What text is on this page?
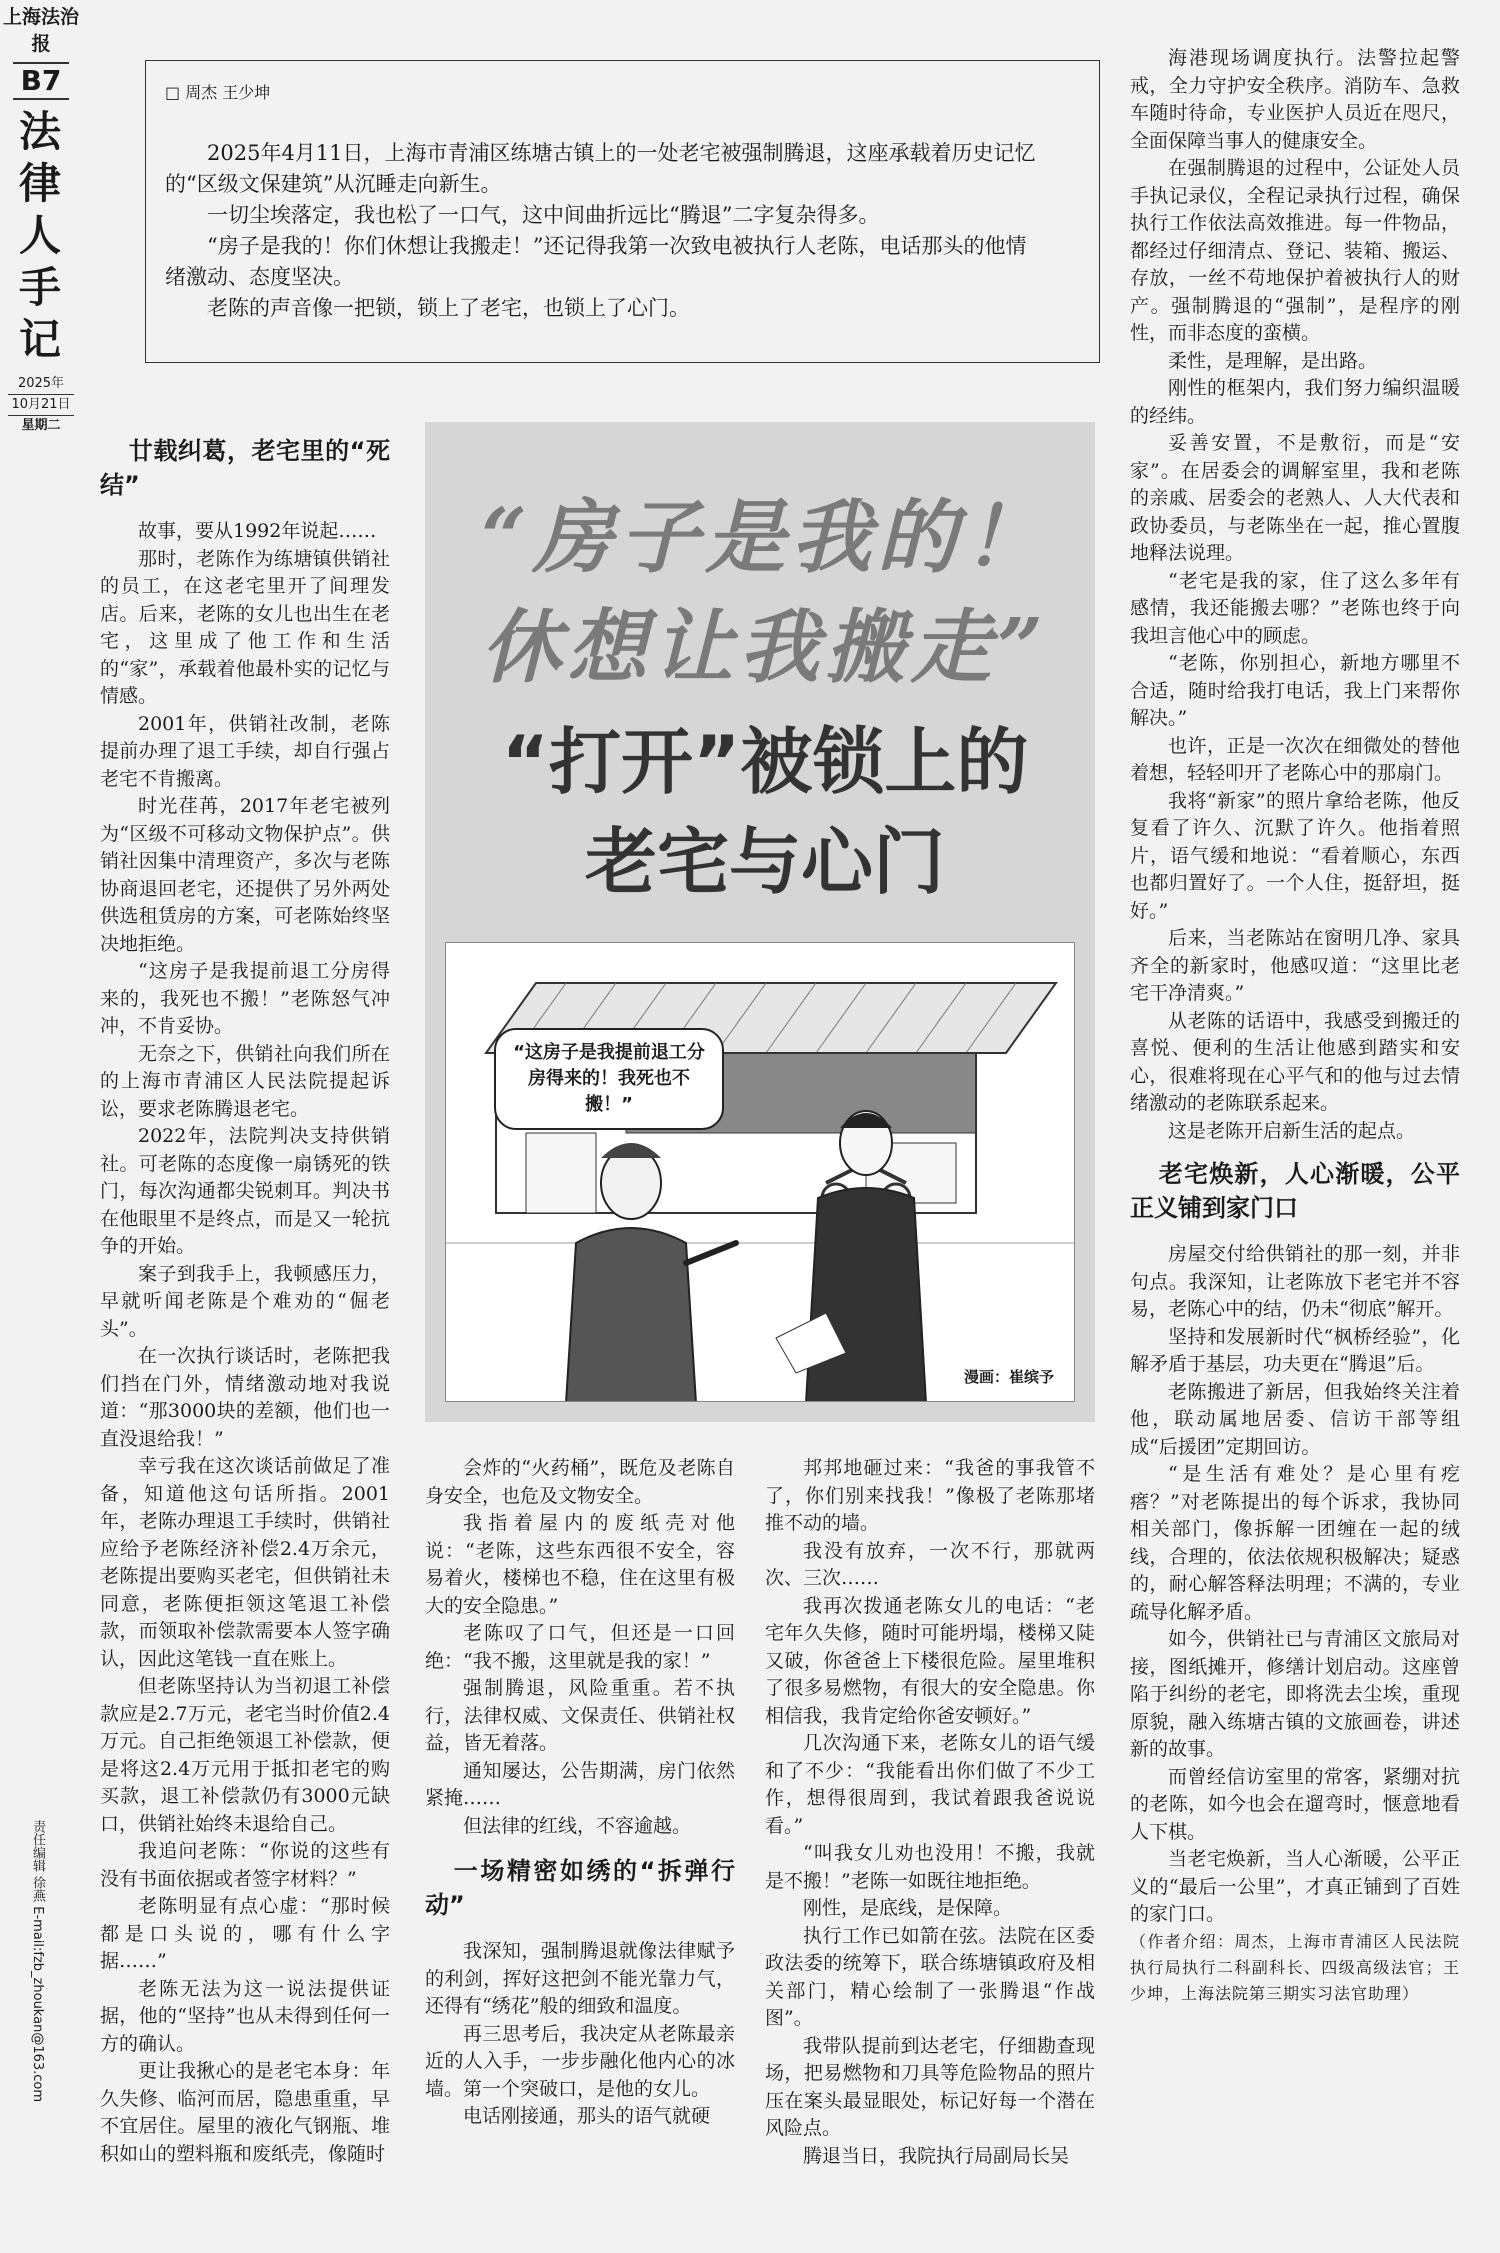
上海法治报
B7
法律人手记
2025年
10月21日
星期二
责任编辑 徐燕 E-mail:fzb_zhoukan@163.com
□ 周杰 王少坤

2025年4月11日，上海市青浦区练塘古镇上的一处老宅被强制腾退，这座承载着历史记忆的“区级文保建筑”从沉睡走向新生。

一切尘埃落定，我也松了一口气，这中间曲折远比“腾退”二字复杂得多。

“房子是我的！你们休想让我搬走！”还记得我第一次致电被执行人老陈，电话那头的他情绪激动、态度坚决。

老陈的声音像一把锁，锁上了老宅，也锁上了心门。

廿载纠葛，老宅里的“死结”

故事，要从1992年说起……

那时，老陈作为练塘镇供销社的员工，在这老宅里开了间理发店。后来，老陈的女儿也出生在老宅，这里成了他工作和生活的“家”，承载着他最朴实的记忆与情感。

2001年，供销社改制，老陈提前办理了退工手续，却自行强占老宅不肯搬离。

时光荏苒，2017年老宅被列为“区级不可移动文物保护点”。供销社因集中清理资产，多次与老陈协商退回老宅，还提供了另外两处供选租赁房的方案，可老陈始终坚决地拒绝。

“这房子是我提前退工分房得来的，我死也不搬！”老陈怒气冲冲，不肯妥协。

无奈之下，供销社向我们所在的上海市青浦区人民法院提起诉讼，要求老陈腾退老宅。

2022年，法院判决支持供销社。可老陈的态度像一扇锈死的铁门，每次沟通都尖锐刺耳。判决书在他眼里不是终点，而是又一轮抗争的开始。

案子到我手上，我顿感压力，早就听闻老陈是个难劝的“倔老头”。

在一次执行谈话时，老陈把我们挡在门外，情绪激动地对我说道：“那3000块的差额，他们也一直没退给我！”

幸亏我在这次谈话前做足了准备，知道他这句话所指。2001年，老陈办理退工手续时，供销社应给予老陈经济补偿2.4万余元，老陈提出要购买老宅，但供销社未同意，老陈便拒领这笔退工补偿款，而领取补偿款需要本人签字确认，因此这笔钱一直在账上。

但老陈坚持认为当初退工补偿款应是2.7万元，老宅当时价值2.4万元。自己拒绝领退工补偿款，便是将这2.4万元用于抵扣老宅的购买款，退工补偿款仍有3000元缺口，供销社始终未退给自己。

我追问老陈：“你说的这些有没有书面依据或者签字材料？”

老陈明显有点心虚：“那时候都是口头说的，哪有什么字据……”

老陈无法为这一说法提供证据，他的“坚持”也从未得到任何一方的确认。

更让我揪心的是老宅本身：年久失修、临河而居，隐患重重，早不宜居住。屋里的液化气钢瓶、堆积如山的塑料瓶和废纸壳，像随时

“房子是我的！
休想让我搬走”
“打开”被锁上的
老宅与心门
“这房子是我提前退工分房得来的！我死也不搬！”
漫画：崔缤予

会炸的“火药桶”，既危及老陈自身安全，也危及文物安全。

我指着屋内的废纸壳对他说：“老陈，这些东西很不安全，容易着火，楼梯也不稳，住在这里有极大的安全隐患。”

老陈叹了口气，但还是一口回绝：“我不搬，这里就是我的家！”

强制腾退，风险重重。若不执行，法律权威、文保责任、供销社权益，皆无着落。

通知屡达，公告期满，房门依然紧掩……

但法律的红线，不容逾越。

一场精密如绣的“拆弹行动”

我深知，强制腾退就像法律赋予的利剑，挥好这把剑不能光靠力气，还得有“绣花”般的细致和温度。

再三思考后，我决定从老陈最亲近的人入手，一步步融化他内心的冰墙。第一个突破口，是他的女儿。

电话刚接通，那头的语气就硬

邦邦地砸过来：“我爸的事我管不了，你们别来找我！”像极了老陈那堵推不动的墙。

我没有放弃，一次不行，那就两次、三次……

我再次拨通老陈女儿的电话：“老宅年久失修，随时可能坍塌，楼梯又陡又破，你爸爸上下楼很危险。屋里堆积了很多易燃物，有很大的安全隐患。你相信我，我肯定给你爸安顿好。”

几次沟通下来，老陈女儿的语气缓和了不少：“我能看出你们做了不少工作，想得很周到，我试着跟我爸说说看。”

“叫我女儿劝也没用！不搬，我就是不搬！”老陈一如既往地拒绝。

刚性，是底线，是保障。

执行工作已如箭在弦。法院在区委政法委的统筹下，联合练塘镇政府及相关部门，精心绘制了一张腾退“作战图”。

我带队提前到达老宅，仔细勘查现场，把易燃物和刀具等危险物品的照片压在案头最显眼处，标记好每一个潜在风险点。

腾退当日，我院执行局副局长吴

海港现场调度执行。法警拉起警戒，全力守护安全秩序。消防车、急救车随时待命，专业医护人员近在咫尺，全面保障当事人的健康安全。

在强制腾退的过程中，公证处人员手执记录仪，全程记录执行过程，确保执行工作依法高效推进。每一件物品，都经过仔细清点、登记、装箱、搬运、存放，一丝不苟地保护着被执行人的财产。强制腾退的“强制”，是程序的刚性，而非态度的蛮横。

柔性，是理解，是出路。

刚性的框架内，我们努力编织温暖的经纬。

妥善安置，不是敷衍，而是“安家”。在居委会的调解室里，我和老陈的亲戚、居委会的老熟人、人大代表和政协委员，与老陈坐在一起，推心置腹地释法说理。

“老宅是我的家，住了这么多年有感情，我还能搬去哪？”老陈也终于向我坦言他心中的顾虑。

“老陈，你别担心，新地方哪里不合适，随时给我打电话，我上门来帮你解决。”

也许，正是一次次在细微处的替他着想，轻轻叩开了老陈心中的那扇门。

我将“新家”的照片拿给老陈，他反复看了许久、沉默了许久。他指着照片，语气缓和地说：“看着顺心，东西也都归置好了。一个人住，挺舒坦，挺好。”

后来，当老陈站在窗明几净、家具齐全的新家时，他感叹道：“这里比老宅干净清爽。”

从老陈的话语中，我感受到搬迁的喜悦、便利的生活让他感到踏实和安心，很难将现在心平气和的他与过去情绪激动的老陈联系起来。

这是老陈开启新生活的起点。

老宅焕新，人心渐暖，公平正义铺到家门口

房屋交付给供销社的那一刻，并非句点。我深知，让老陈放下老宅并不容易，老陈心中的结，仍未“彻底”解开。

坚持和发展新时代“枫桥经验”，化解矛盾于基层，功夫更在“腾退”后。

老陈搬进了新居，但我始终关注着他，联动属地居委、信访干部等组成“后援团”定期回访。

“是生活有难处？是心里有疙瘩？”对老陈提出的每个诉求，我协同相关部门，像拆解一团缠在一起的绒线，合理的，依法依规积极解决；疑惑的，耐心解答释法明理；不满的，专业疏导化解矛盾。

如今，供销社已与青浦区文旅局对接，图纸摊开，修缮计划启动。这座曾陷于纠纷的老宅，即将洗去尘埃，重现原貌，融入练塘古镇的文旅画卷，讲述新的故事。

而曾经信访室里的常客，紧绷对抗的老陈，如今也会在遛弯时，惬意地看人下棋。

当老宅焕新，当人心渐暖，公平正义的“最后一公里”，才真正铺到了百姓的家门口。

（作者介绍：周杰，上海市青浦区人民法院执行局执行二科副科长、四级高级法官；王少坤，上海法院第三期实习法官助理）
